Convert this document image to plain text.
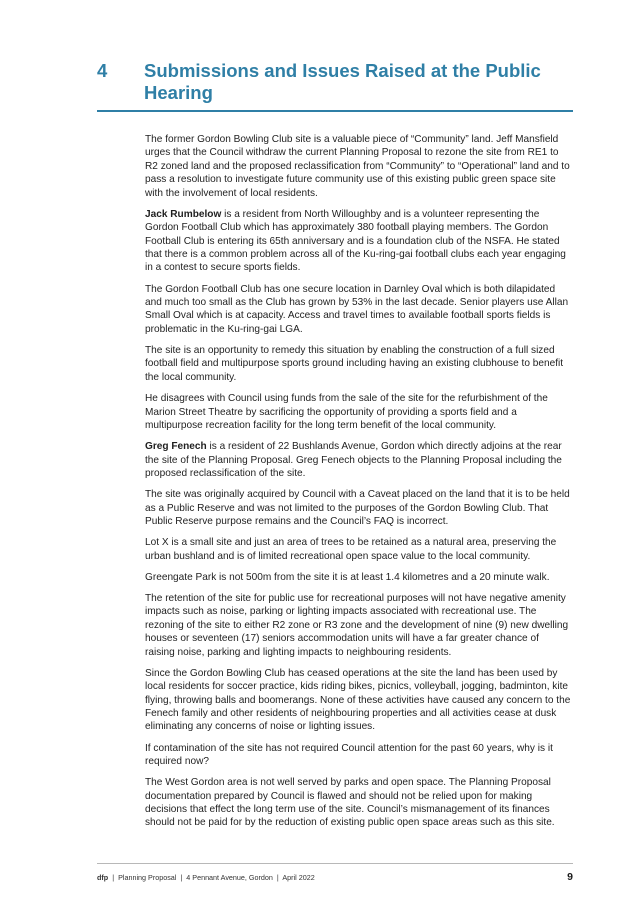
4	Submissions and Issues Raised at the Public Hearing

The former Gordon Bowling Club site is a valuable piece of “Community” land. Jeff Mansfield urges that the Council withdraw the current Planning Proposal to rezone the site from RE1 to R2 zoned land and the proposed reclassification from “Community” to “Operational” land and to pass a resolution to investigate future community use of this existing public green space site with the involvement of local residents.

Jack Rumbelow is a resident from North Willoughby and is a volunteer representing the Gordon Football Club which has approximately 380 football playing members. The Gordon Football Club is entering its 65th anniversary and is a foundation club of the NSFA. He stated that there is a common problem across all of the Ku-ring-gai football clubs each year engaging in a contest to secure sports fields.

The Gordon Football Club has one secure location in Darnley Oval which is both dilapidated and much too small as the Club has grown by 53% in the last decade. Senior players use Allan Small Oval which is at capacity. Access and travel times to available football sports fields is problematic in the Ku-ring-gai LGA.

The site is an opportunity to remedy this situation by enabling the construction of a full sized football field and multipurpose sports ground including having an existing clubhouse to benefit the local community.

He disagrees with Council using funds from the sale of the site for the refurbishment of the Marion Street Theatre by sacrificing the opportunity of providing a sports field and a multipurpose recreation facility for the long term benefit of the local community.

Greg Fenech is a resident of 22 Bushlands Avenue, Gordon which directly adjoins at the rear the site of the Planning Proposal. Greg Fenech objects to the Planning Proposal including the proposed reclassification of the site.

The site was originally acquired by Council with a Caveat placed on the land that it is to be held as a Public Reserve and was not limited to the purposes of the Gordon Bowling Club. That Public Reserve purpose remains and the Council’s FAQ is incorrect.

Lot X is a small site and just an area of trees to be retained as a natural area, preserving the urban bushland and is of limited recreational open space value to the local community.

Greengate Park is not 500m from the site it is at least 1.4 kilometres and a 20 minute walk.

The retention of the site for public use for recreational purposes will not have negative amenity impacts such as noise, parking or lighting impacts associated with recreational use. The rezoning of the site to either R2 zone or R3 zone and the development of nine (9) new dwelling houses or seventeen (17) seniors accommodation units will have a far greater chance of raising noise, parking and lighting impacts to neighbouring residents.

Since the Gordon Bowling Club has ceased operations at the site the land has been used by local residents for soccer practice, kids riding bikes, picnics, volleyball, jogging, badminton, kite flying, throwing balls and boomerangs. None of these activities have caused any concern to the Fenech family and other residents of neighbouring properties and all activities cease at dusk eliminating any concerns of noise or lighting issues.

If contamination of the site has not required Council attention for the past 60 years, why is it required now?

The West Gordon area is not well served by parks and open space. The Planning Proposal documentation prepared by Council is flawed and should not be relied upon for making decisions that effect the long term use of the site. Council’s mismanagement of its finances should not be paid for by the reduction of existing public open space areas such as this site.

dfp | Planning Proposal | 4 Pennant Avenue, Gordon | April 2022	9
